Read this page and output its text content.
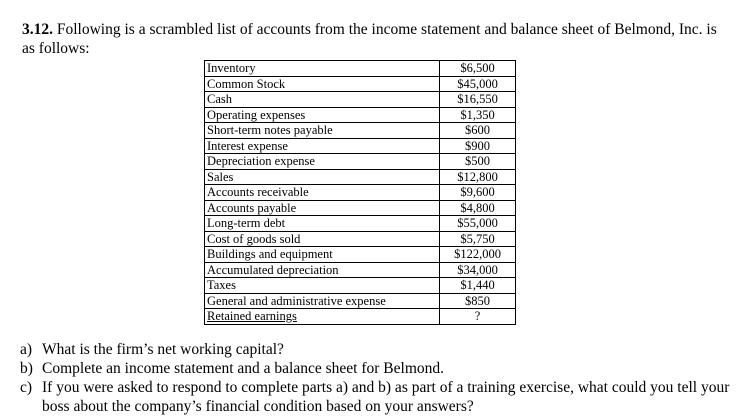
3.12. Following is a scrambled list of accounts from the income statement and balance sheet of Belmond, Inc. is as follows:
Inventory	$6,500
Common Stock	$45,000
Cash	$16,550
Operating expenses	$1,350
Short-term notes payable	$600
Interest expense	$900
Depreciation expense	$500
Sales	$12,800
Accounts receivable	$9,600
Accounts payable	$4,800
Long-term debt	$55,000
Cost of goods sold	$5,750
Buildings and equipment	$122,000
Accumulated depreciation	$34,000
Taxes	$1,440
General and administrative expense	$850
Retained earnings	?
a) What is the firm’s net working capital?
b) Complete an income statement and a balance sheet for Belmond.
c) If you were asked to respond to complete parts a) and b) as part of a training exercise, what could you tell your boss about the company’s financial condition based on your answers?
